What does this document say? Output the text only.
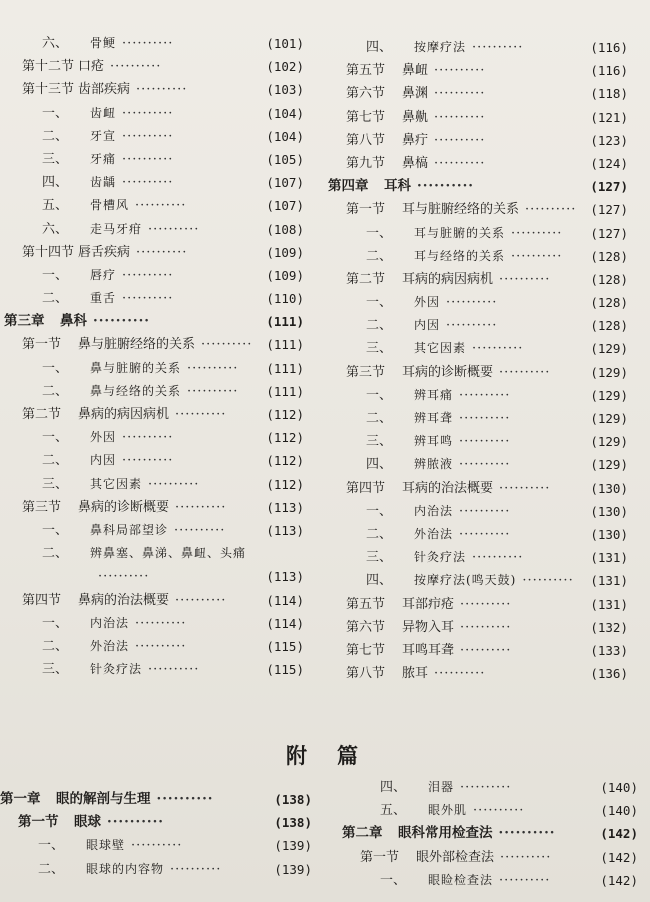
六、 骨鲠 ··········	(101)
第十二节 口疮 ··········	(102)
第十三节 齿部疾病 ··········	(103)
一、 齿衄 ··········	(104)
二、 牙宣 ··········	(104)
三、 牙痛 ··········	(105)
四、 齿龋 ··········	(107)
五、 骨槽风 ··········	(107)
六、 走马牙疳 ··········	(108)
第十四节 唇舌疾病 ··········	(109)
一、 唇疗 ··········	(109)
二、 重舌 ··········	(110)
第三章 鼻科 ··········	(111)
第一节 鼻与脏腑经络的关系 ·········· (111)
一、 鼻与脏腑的关系 ·········· (111)
二、 鼻与经络的关系 ·········· (111)
第二节 鼻病的病因病机 ··········	(112)
一、 外因 ··········	(112)
二、 内因 ··········	(112)
三、 其它因素 ··········	(112)
第三节 鼻病的诊断概要 ··········	(113)
一、 鼻科局部望诊 ··········	(113)
二、 辨鼻塞、鼻涕、鼻衄、头痛
··········	(113)
第四节 鼻病的治法概要 ··········	(114)
一、 内治法 ··········	(114)
二、 外治法 ··········	(115)
三、 针灸疗法 ··········	(115)
四、 按摩疗法 ··········	(116)
第五节 鼻衄 ··········	(116)
第六节 鼻渊 ··········	(118)
第七节 鼻鼽 ··········	(121)
第八节 鼻疔 ··········	(123)
第九节 鼻槁 ··········	(124)
第四章 耳科 ··········	(127)
第一节 耳与脏腑经络的关系 ·········· (127)
一、 耳与脏腑的关系 ·········· (127)
二、 耳与经络的关系 ·········· (128)
第二节 耳病的病因病机 ··········	(128)
一、 外因 ··········	(128)
二、 内因 ··········	(128)
三、 其它因素 ··········	(129)
第三节 耳病的诊断概要 ··········	(129)
一、 辨耳痛 ··········	(129)
二、 辨耳聋 ··········	(129)
三、 辨耳鸣 ··········	(129)
四、 辨脓液 ··········	(129)
第四节 耳病的治法概要 ··········	(130)
一、 内治法 ··········	(130)
二、 外治法 ··········	(130)
三、 针灸疗法 ··········	(131)
四、 按摩疗法(鸣天鼓) ·········· (131)
第五节 耳部疖疮 ··········	(131)
第六节 异物入耳 ··········	(132)
第七节 耳鸣耳聋 ··········	(133)
第八节 脓耳 ··········	(136)
附篇
第一章 眼的解剖与生理 ··········	(138)
第一节 眼球 ··········	(138)
一、 眼球壁 ··········	(139)
二、 眼球的内容物 ··········	(139)
四、 泪器 ··········	(140)
五、 眼外肌 ··········	(140)
第二章 眼科常用检查法 ··········	(142)
第一节 眼外部检查法 ··········	(142)
一、 眼睑检查法 ··········	(142)
